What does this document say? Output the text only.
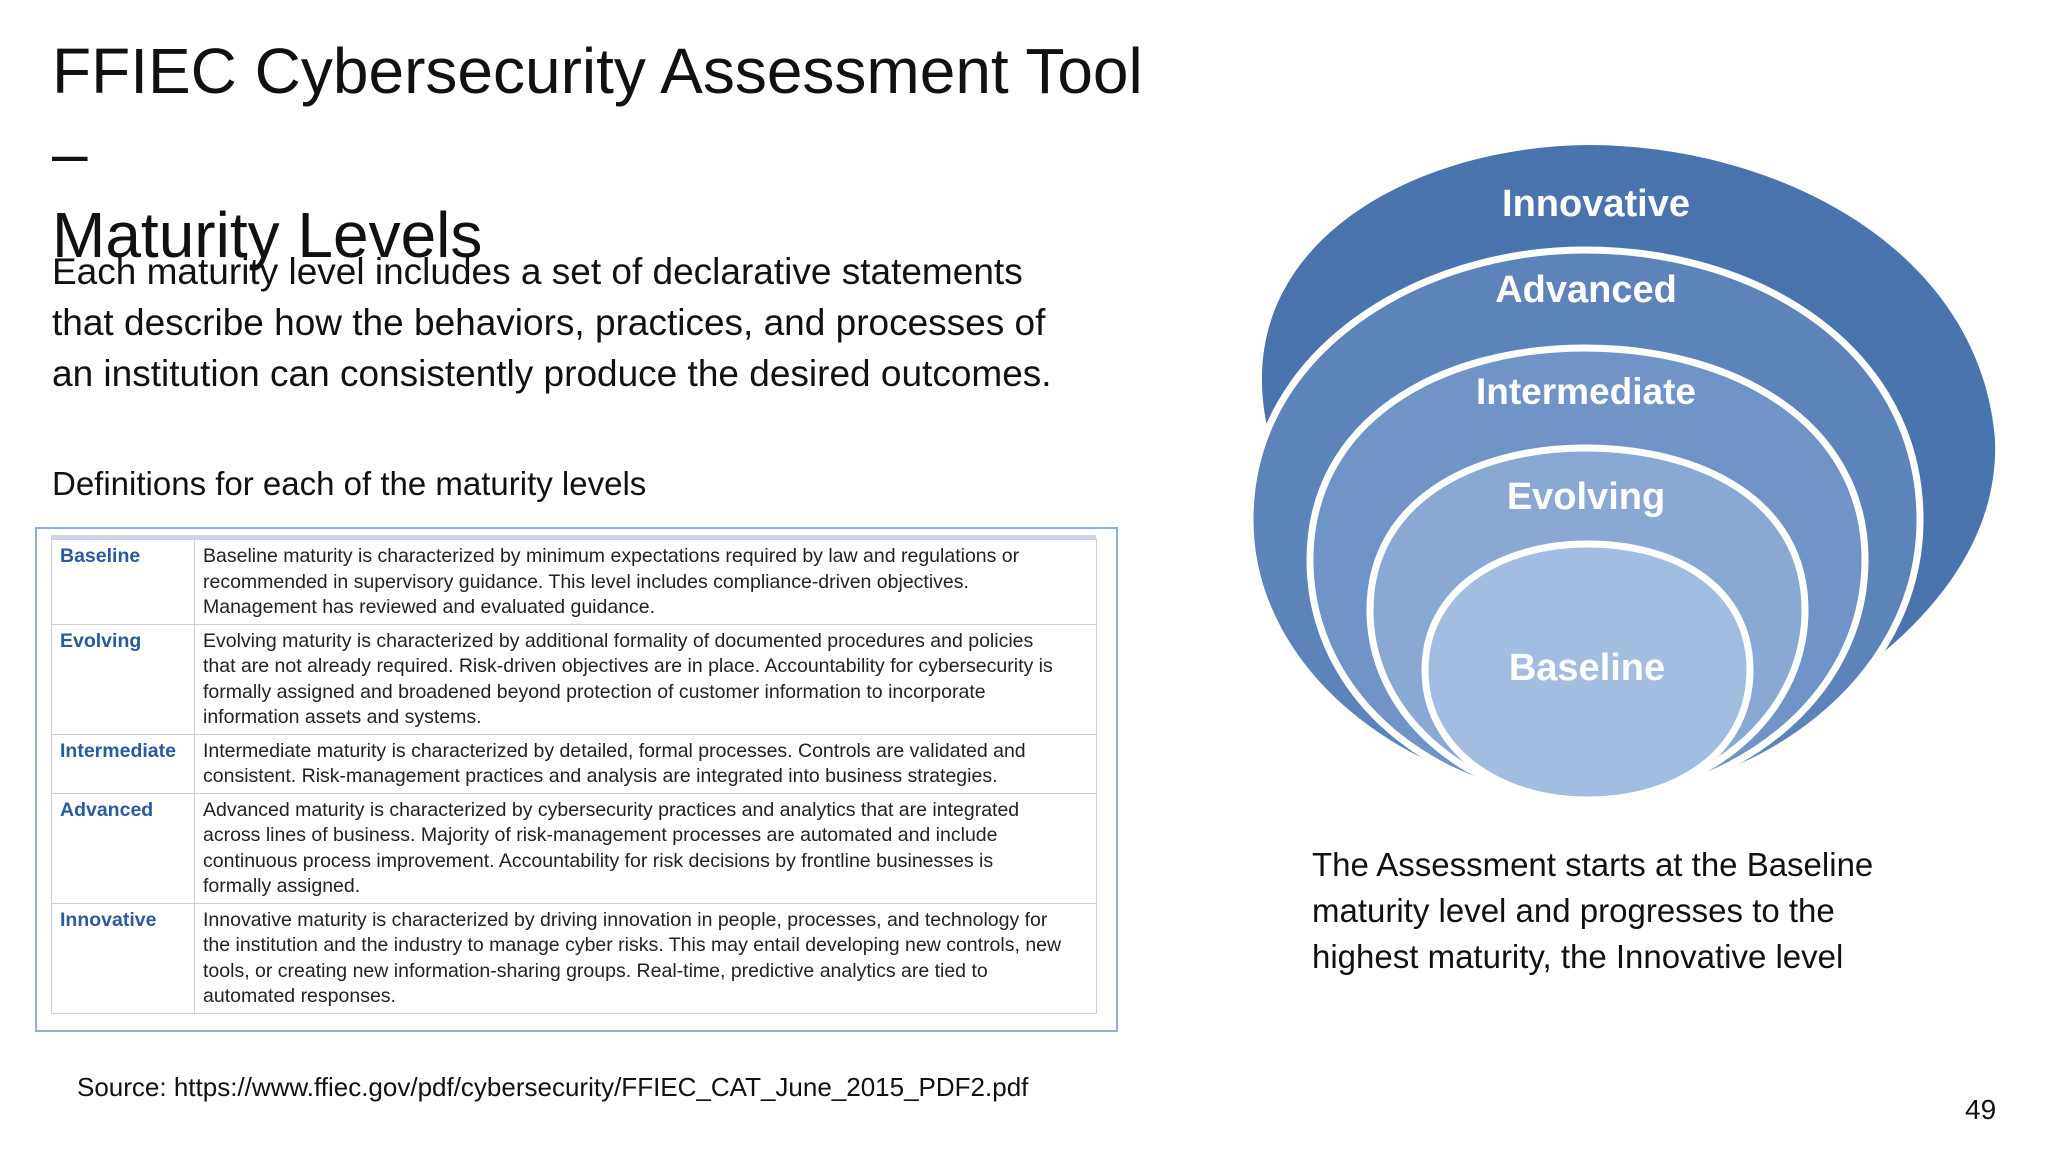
FFIEC Cybersecurity Assessment Tool –
Maturity Levels

Each maturity level includes a set of declarative statements
that describe how the behaviors, practices, and processes of
an institution can consistently produce the desired outcomes.

Definitions for each of the maturity levels
Baseline	Baseline maturity is characterized by minimum expectations required by law and regulations or
recommended in supervisory guidance. This level includes compliance-driven objectives.
Management has reviewed and evaluated guidance.

Evolving	Evolving maturity is characterized by additional formality of documented procedures and policies
that are not already required. Risk-driven objectives are in place. Accountability for cybersecurity is
formally assigned and broadened beyond protection of customer information to incorporate
information assets and systems.

Intermediate	Intermediate maturity is characterized by detailed, formal processes. Controls are validated and
consistent. Risk-management practices and analysis are integrated into business strategies.

Advanced	Advanced maturity is characterized by cybersecurity practices and analytics that are integrated
across lines of business. Majority of risk-management processes are automated and include
continuous process improvement. Accountability for risk decisions by frontline businesses is
formally assigned.

Innovative	Innovative maturity is characterized by driving innovation in people, processes, and technology for
the institution and the industry to manage cyber risks. This may entail developing new controls, new
tools, or creating new information-sharing groups. Real-time, predictive analytics are tied to
automated responses.
Innovative
Advanced
Intermediate
Evolving
Baseline
The Assessment starts at the Baseline
maturity level and progresses to the
highest maturity, the Innovative level
Source: https://www.ffiec.gov/pdf/cybersecurity/FFIEC_CAT_June_2015_PDF2.pdf
49
